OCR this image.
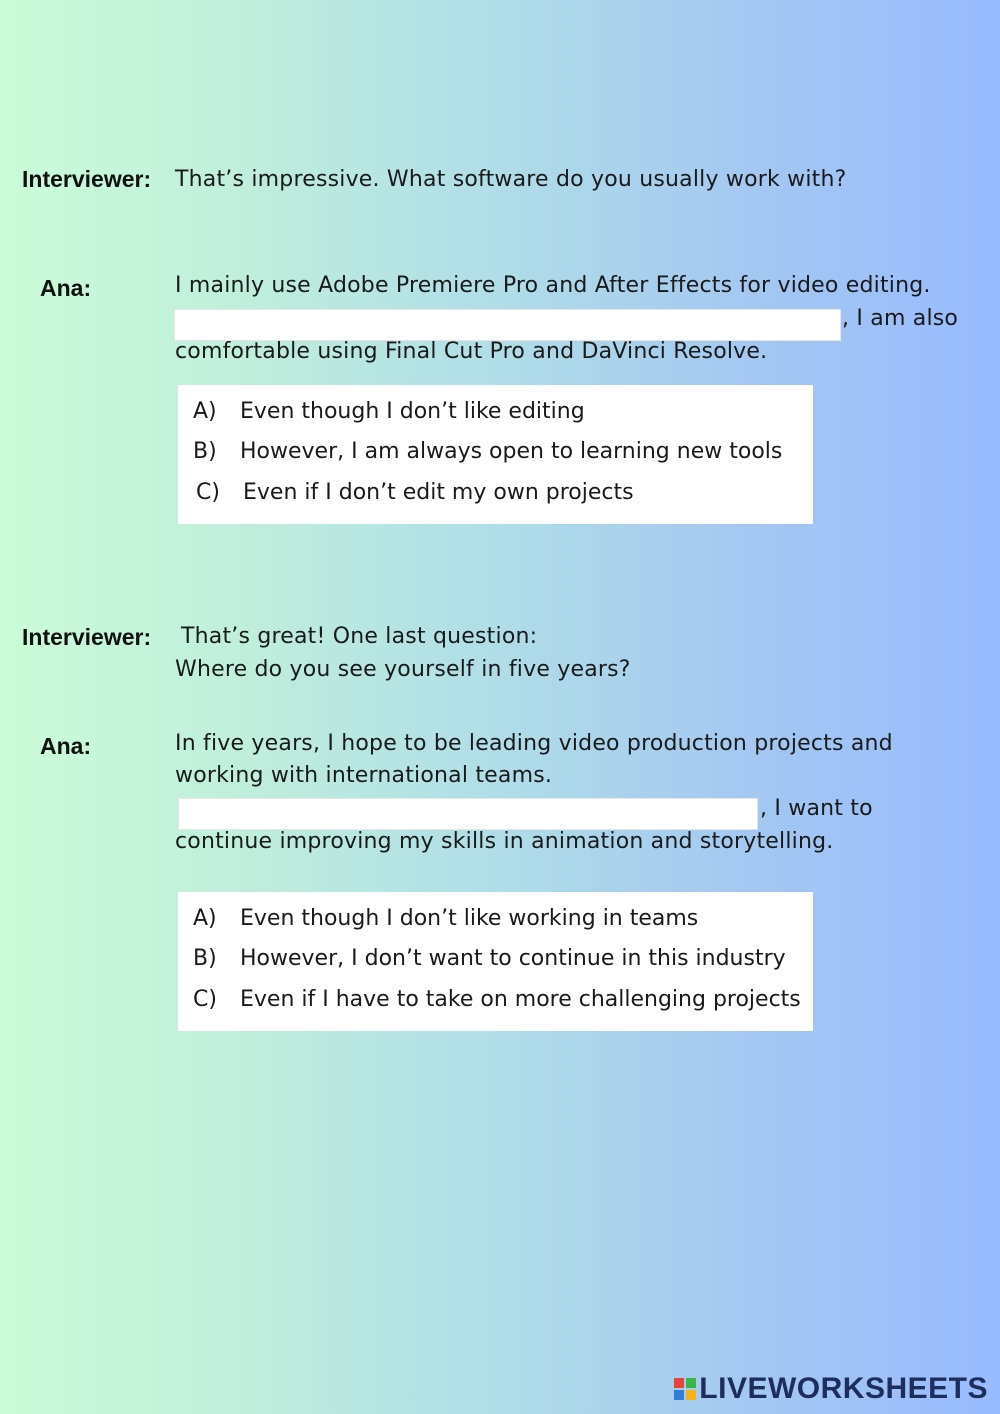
Interviewer: That’s impressive. What software do you usually work with?
Ana:	I mainly use Adobe Premiere Pro and After Effects for video editing.
, I am also
comfortable using Final Cut Pro and DaVinci Resolve.
A) Even though I don’t like editing
B) However, I am always open to learning new tools
C) Even if I don’t edit my own projects
Interviewer: That’s great! One last question:
Where do you see yourself in five years?
Ana:	In five years, I hope to be leading video production projects and
working with international teams.
, I want to
continue improving my skills in animation and storytelling.
A) Even though I don’t like working in teams
B) However, I don’t want to continue in this industry
C) Even if I have to take on more challenging projects
LIVEWORKSHEETS
